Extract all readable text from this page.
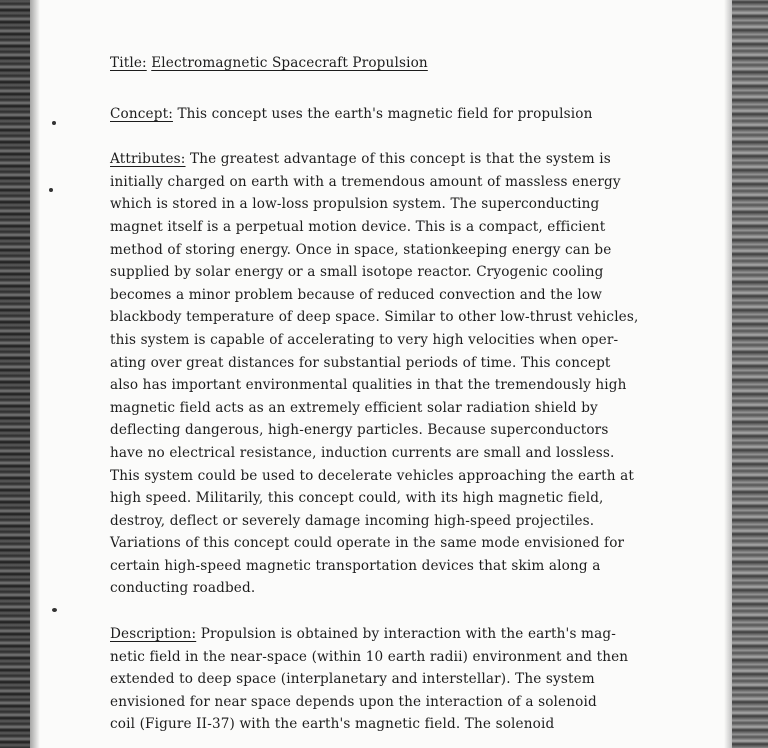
Title: Electromagnetic Spacecraft Propulsion

Concept: This concept uses the earth's magnetic field for propulsion

Attributes: The greatest advantage of this concept is that the system is

initially charged on earth with a tremendous amount of massless energy

which is stored in a low-loss propulsion system. The superconducting

magnet itself is a perpetual motion device. This is a compact, efficient

method of storing energy. Once in space, stationkeeping energy can be

supplied by solar energy or a small isotope reactor. Cryogenic cooling

becomes a minor problem because of reduced convection and the low

blackbody temperature of deep space. Similar to other low-thrust vehicles,

this system is capable of accelerating to very high velocities when oper-

ating over great distances for substantial periods of time. This concept

also has important environmental qualities in that the tremendously high

magnetic field acts as an extremely efficient solar radiation shield by

deflecting dangerous, high-energy particles. Because superconductors

have no electrical resistance, induction currents are small and lossless.

This system could be used to decelerate vehicles approaching the earth at

high speed. Militarily, this concept could, with its high magnetic field,

destroy, deflect or severely damage incoming high-speed projectiles.

Variations of this concept could operate in the same mode envisioned for

certain high-speed magnetic transportation devices that skim along a

conducting roadbed.

Description: Propulsion is obtained by interaction with the earth's mag-

netic field in the near-space (within 10 earth radii) environment and then

extended to deep space (interplanetary and interstellar). The system

envisioned for near space depends upon the interaction of a solenoid

coil (Figure II-37) with the earth's magnetic field. The solenoid
